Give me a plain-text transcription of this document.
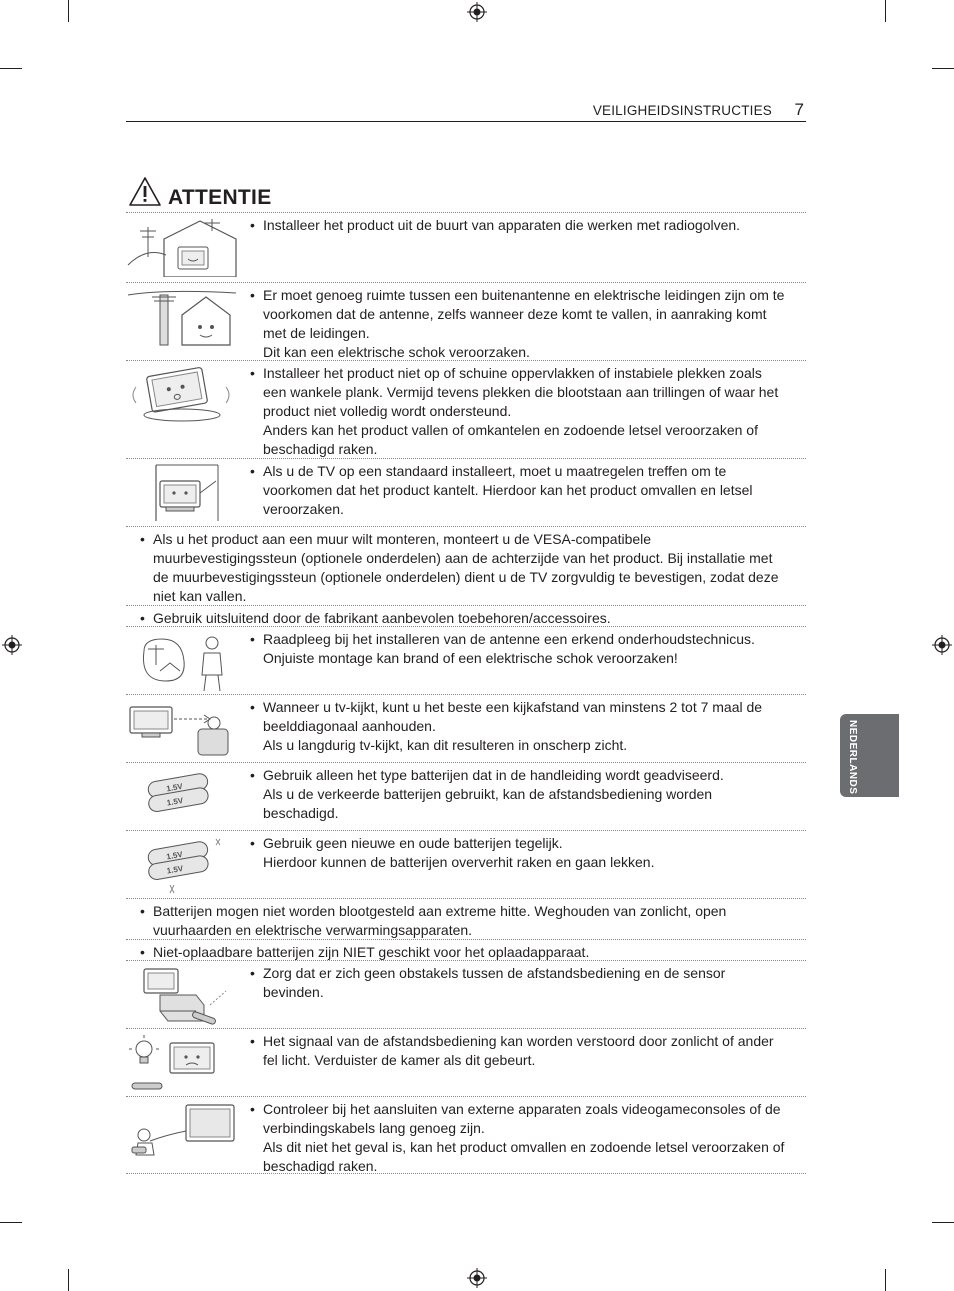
VEILIGHEIDSINSTRUCTIES 7
ATTENTIE
• Installeer het product uit de buurt van apparaten die werken met radiogolven.

• Er moet genoeg ruimte tussen een buitenantenne en elektrische leidingen zijn om te voorkomen dat de antenne, zelfs wanneer deze komt te vallen, in aanraking komt met de leidingen.

Dit kan een elektrische schok veroorzaken.

• Installeer het product niet op of schuine oppervlakken of instabiele plekken zoals een wankele plank. Vermijd tevens plekken die blootstaan aan trillingen of waar het product niet volledig wordt ondersteund.

Anders kan het product vallen of omkantelen en zodoende letsel veroorzaken of beschadigd raken.

• Als u de TV op een standaard installeert, moet u maatregelen treffen om te voorkomen dat het product kantelt. Hierdoor kan het product omvallen en letsel veroorzaken.

• Als u het product aan een muur wilt monteren, monteert u de VESA-compatibele muurbevestigingssteun (optionele onderdelen) aan de achterzijde van het product. Bij installatie met de muurbevestigingssteun (optionele onderdelen) dient u de TV zorgvuldig te bevestigen, zodat deze niet kan vallen.

• Gebruik uitsluitend door de fabrikant aanbevolen toebehoren/accessoires.

• Raadpleeg bij het installeren van de antenne een erkend onderhoudstechnicus.

Onjuiste montage kan brand of een elektrische schok veroorzaken!

• Wanneer u tv-kijkt, kunt u het beste een kijkafstand van minstens 2 tot 7 maal de beelddiagonaal aanhouden.

Als u langdurig tv-kijkt, kan dit resulteren in onscherp zicht.

1.5V
1.5V
• Gebruik alleen het type batterijen dat in de handleiding wordt geadviseerd.

Als u de verkeerde batterijen gebruikt, kan de afstandsbediening worden beschadigd.

1.5V
1.5V
• Gebruik geen nieuwe en oude batterijen tegelijk.

Hierdoor kunnen de batterijen oververhit raken en gaan lekken.

• Batterijen mogen niet worden blootgesteld aan extreme hitte. Weghouden van zonlicht, open vuurhaarden en elektrische verwarmingsapparaten.

• Niet-oplaadbare batterijen zijn NIET geschikt voor het oplaadapparaat.

• Zorg dat er zich geen obstakels tussen de afstandsbediening en de sensor bevinden.

• Het signaal van de afstandsbediening kan worden verstoord door zonlicht of ander fel licht. Verduister de kamer als dit gebeurt.

• Controleer bij het aansluiten van externe apparaten zoals videogameconsoles of de verbindingskabels lang genoeg zijn.

Als dit niet het geval is, kan het product omvallen en zodoende letsel veroorzaken of beschadigd raken.

NEDERLANDS
